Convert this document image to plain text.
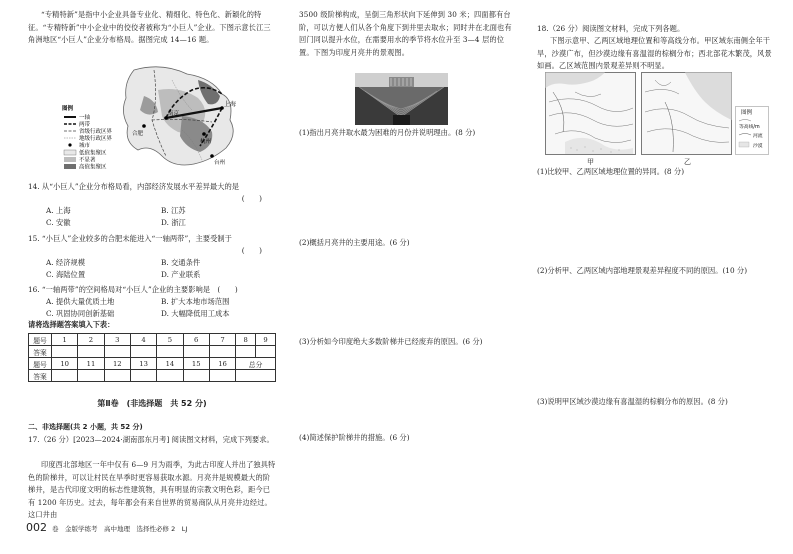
“专精特新”是指中小企业具备专业化、精细化、特色化、新颖化的特征。“专精特新”中小企业中的佼佼者被称为“小巨人”企业。下图示意长江三角洲地区“小巨人”企业分布格局。据图完成 14—16 题。

上海
南京
杭州
合肥
台州
图例
一轴
两带
省级行政区界
地级行政区界
城市
低值集聚区
不显著
高值集聚区

14. 从“小巨人”企业分布格局看，内部经济发展水平差异最大的是

(　　)
A. 上海	B. 江苏
C. 安徽	D. 浙江

15. “小巨人”企业较多的合肥未能进入“一轴两带”，主要受制于

(　　)
A. 经济规模	B. 交通条件
C. 海陆位置	D. 产业联系

16. “一轴两带”的空间格局对“小巨人”企业的主要影响是　(　　)

A. 提供大量优质土地	B. 扩大本地市场范围
C. 巩固协同创新基础	D. 大幅降低用工成本
请将选择题答案填入下表：
题号	1	2	3	4	5	6	7	8	9
答案									
题号	10	11	12	13	14	15	16	总分	
答案									
第Ⅱ卷　(非选择题　共 52 分)
二、非选择题(共 2 小题，共 52 分)

17.（26 分）[2023—2024·湖南邵东月考] 阅读图文材料，完成下列要求。

印度西北部地区一年中仅有 6—9 月为雨季，为此古印度人并出了独具特色的阶梯井，可以让村民在旱季时更容易获取水源。月亮井是规模最大的阶梯井，是古代印度文明的标志性建筑物，具有明显的宗教文明色彩，距今已有 1200 年历史。过去，每年都会有来自世界的贸易商队从月亮井边经过。这口井由

3500 级阶梯构成，呈倒三角形状向下延伸到 30 米；四面都有台阶，可以方便人们从各个角度下到井里去取水；同时井在北面也有回门同以提升水位，在需要用水的季节将水位升至 3—4 层的位置。下图为印度月亮井的景观图。

(1)指出月亮井取水最为困难的月份并说明理由。(8 分)

(2)概括月亮井的主要用途。(6 分)

(3)分析如今印度绝大多数阶梯井已经废弃的原因。(6 分)

(4)简述保护阶梯井的措施。(6 分)

18.（26 分）阅读图文材料，完成下列各题。

下图示意甲、乙两区域地理位置和等高线分布。甲区域东南侧全年干旱，沙漠广布，但沙漠边缘有喜温湿的棕榈分布；西北部花木繁茂，风景如画。乙区域范围内景观差异则不明显。

图例
等高线/m
河流
沙漠
甲	乙

(1)比较甲、乙两区域地理位置的异同。(8 分)

(2)分析甲、乙两区域内部地理景观差异程度不同的原因。(10 分)

(3)说明甲区域沙漠边缘有喜温湿的棕榈分布的原因。(8 分)

002 卷　金版学练考　高中地理　选择性必修 2　LJ
